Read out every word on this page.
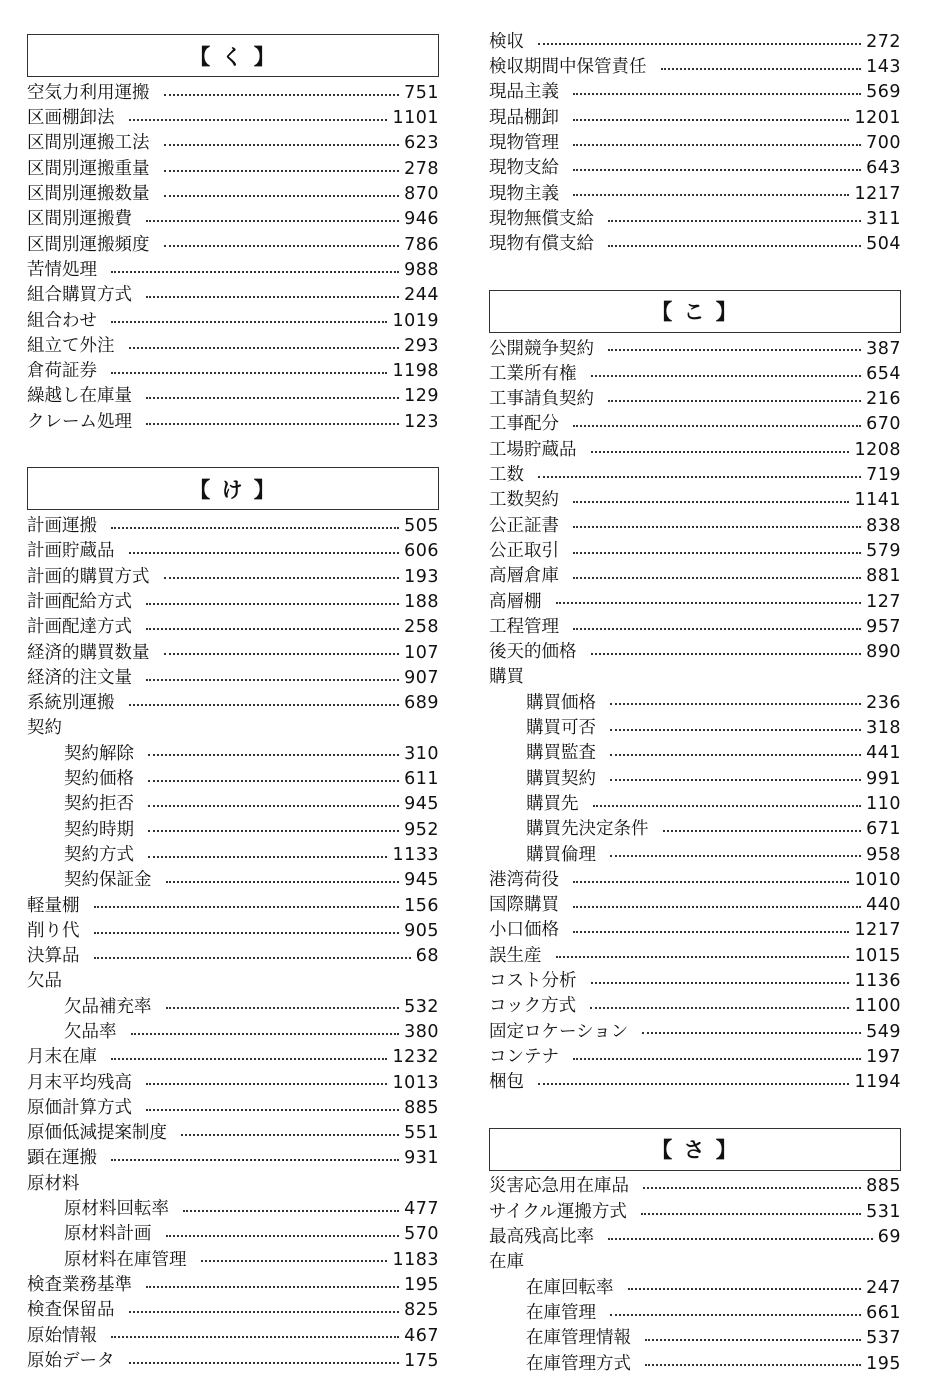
【 く 】
空気力利用運搬	751
区画棚卸法	1101
区間別運搬工法	623
区間別運搬重量	278
区間別運搬数量	870
区間別運搬費	946
区間別運搬頻度	786
苦情処理	988
組合購買方式	244
組合わせ	1019
組立て外注	293
倉荷証券	1198
繰越し在庫量	129
クレーム処理	123
【 け 】
計画運搬	505
計画貯蔵品	606
計画的購買方式	193
計画配給方式	188
計画配達方式	258
経済的購買数量	107
経済的注文量	907
系統別運搬	689
契約
契約解除	310
契約価格	611
契約拒否	945
契約時期	952
契約方式	1133
契約保証金	945
軽量棚	156
削り代	905
決算品	68
欠品
欠品補充率	532
欠品率	380
月末在庫	1232
月末平均残高	1013
原価計算方式	885
原価低減提案制度	551
顕在運搬	931
原材料
原材料回転率	477
原材料計画	570
原材料在庫管理	1183
検査業務基準	195
検査保留品	825
原始情報	467
原始データ	175
検収	272
検収期間中保管責任	143
現品主義	569
現品棚卸	1201
現物管理	700
現物支給	643
現物主義	1217
現物無償支給	311
現物有償支給	504
【 こ 】
公開競争契約	387
工業所有権	654
工事請負契約	216
工事配分	670
工場貯蔵品	1208
工数	719
工数契約	1141
公正証書	838
公正取引	579
高層倉庫	881
高層棚	127
工程管理	957
後天的価格	890
購買
購買価格	236
購買可否	318
購買監査	441
購買契約	991
購買先	110
購買先決定条件	671
購買倫理	958
港湾荷役	1010
国際購買	440
小口価格	1217
誤生産	1015
コスト分析	1136
コック方式	1100
固定ロケーション	549
コンテナ	197
梱包	1194
【 さ 】
災害応急用在庫品	885
サイクル運搬方式	531
最高残高比率	69
在庫
在庫回転率	247
在庫管理	661
在庫管理情報	537
在庫管理方式	195
